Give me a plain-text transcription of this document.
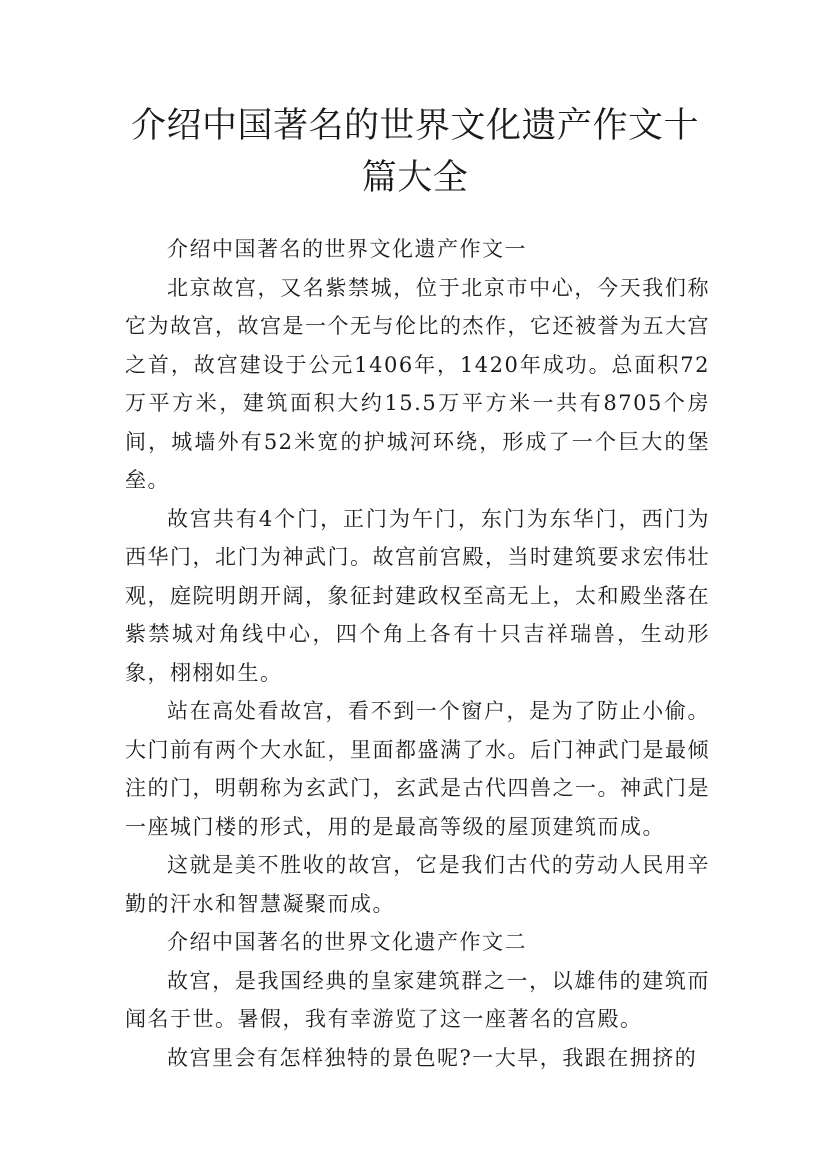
介绍中国著名的世界文化遗产作文十篇大全

介绍中国著名的世界文化遗产作文一

北京故宫，又名紫禁城，位于北京市中心，今天我们称它为故宫，故宫是一个无与伦比的杰作，它还被誉为五大宫之首，故宫建设于公元1406年，1420年成功。总面积72万平方米，建筑面积大约15.5万平方米一共有8705个房间，城墙外有52米宽的护城河环绕，形成了一个巨大的堡垒。

故宫共有4个门，正门为午门，东门为东华门，西门为西华门，北门为神武门。故宫前宫殿，当时建筑要求宏伟壮观，庭院明朗开阔，象征封建政权至高无上，太和殿坐落在紫禁城对角线中心，四个角上各有十只吉祥瑞兽，生动形象，栩栩如生。

站在高处看故宫，看不到一个窗户，是为了防止小偷。大门前有两个大水缸，里面都盛满了水。后门神武门是最倾注的门，明朝称为玄武门，玄武是古代四兽之一。神武门是一座城门楼的形式，用的是最高等级的屋顶建筑而成。

这就是美不胜收的故宫，它是我们古代的劳动人民用辛勤的汗水和智慧凝聚而成。

介绍中国著名的世界文化遗产作文二

故宫，是我国经典的皇家建筑群之一，以雄伟的建筑而闻名于世。暑假，我有幸游览了这一座著名的宫殿。

故宫里会有怎样独特的景色呢?一大早，我跟在拥挤的
